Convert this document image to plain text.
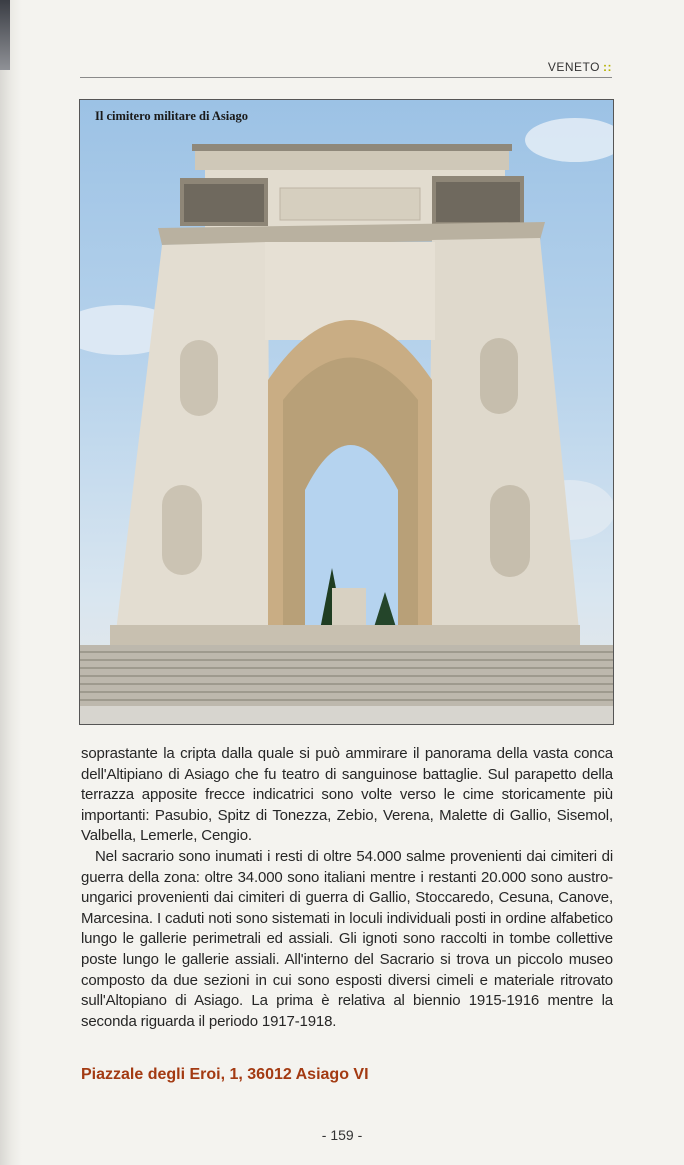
VENETO ::
Il cimitero militare di Asiago

soprastante la cripta dalla quale si può ammirare il panorama della vasta conca dell'Altipiano di Asiago che fu teatro di sanguinose battaglie. Sul parapetto della terrazza apposite frecce indicatrici sono volte verso le cime storicamente più importanti: Pasubio, Spitz di Tonezza, Zebio, Verena, Malette di Gallio, Sisemol, Valbella, Lemerle, Cengio.

Nel sacrario sono inumati i resti di oltre 54.000 salme provenienti dai cimiteri di guerra della zona: oltre 34.000 sono italiani mentre i restanti 20.000 sono austro-ungarici provenienti dai cimiteri di guerra di Gallio, Stoccaredo, Cesuna, Canove, Marcesina. I caduti noti sono sistemati in loculi individuali posti in ordine alfabetico lungo le gallerie perimetrali ed assiali. Gli ignoti sono raccolti in tombe collettive poste lungo le gallerie assiali. All'interno del Sacrario si trova un piccolo museo composto da due sezioni in cui sono esposti diversi cimeli e materiale ritrovato sull'Altopiano di Asiago. La prima è relativa al biennio 1915-1916 mentre la seconda riguarda il periodo 1917-1918.

Piazzale degli Eroi, 1, 36012 Asiago VI
- 159 -
